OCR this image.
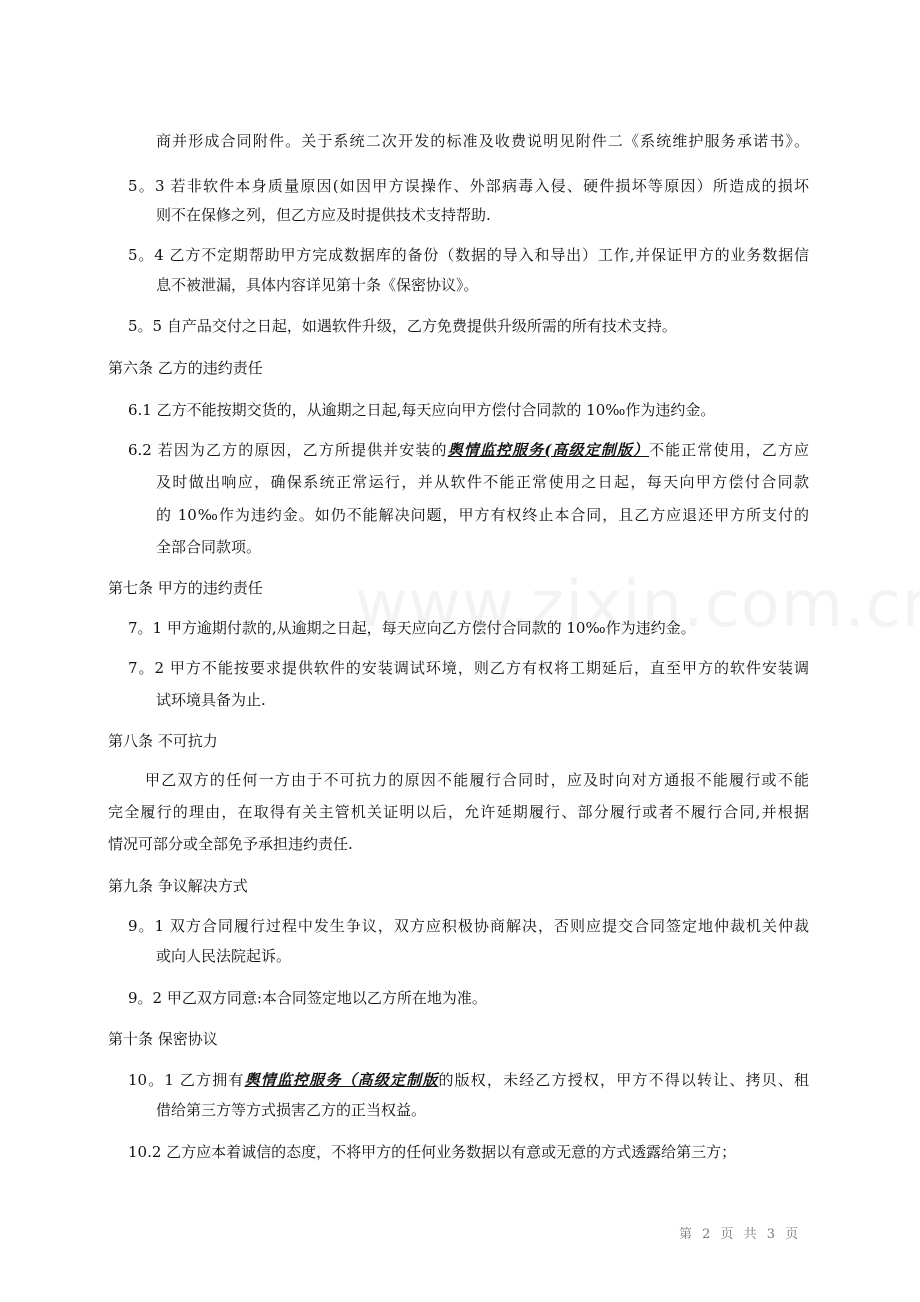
商并形成合同附件。关于系统二次开发的标准及收费说明见附件二《系统维护服务承诺书》。
5。3 若非软件本身质量原因(如因甲方误操作、外部病毒入侵、硬件损坏等原因）所造成的损坏
则不在保修之列，但乙方应及时提供技术支持帮助.
5。4 乙方不定期帮助甲方完成数据库的备份（数据的导入和导出）工作,并保证甲方的业务数据信
息不被泄漏，具体内容详见第十条《保密协议》。
5。5 自产品交付之日起，如遇软件升级，乙方免费提供升级所需的所有技术支持。
第六条 乙方的违约责任
6.1 乙方不能按期交货的，从逾期之日起,每天应向甲方偿付合同款的 10‰作为违约金。
6.2 若因为乙方的原因，乙方所提供并安装的舆情监控服务(高级定制版）不能正常使用，乙方应
及时做出响应，确保系统正常运行，并从软件不能正常使用之日起，每天向甲方偿付合同款
的 10‰作为违约金。如仍不能解决问题，甲方有权终止本合同，且乙方应退还甲方所支付的
全部合同款项。
第七条 甲方的违约责任
7。1 甲方逾期付款的,从逾期之日起，每天应向乙方偿付合同款的 10‰作为违约金。
7。2 甲方不能按要求提供软件的安装调试环境，则乙方有权将工期延后，直至甲方的软件安装调
试环境具备为止.
第八条 不可抗力
甲乙双方的任何一方由于不可抗力的原因不能履行合同时，应及时向对方通报不能履行或不能
完全履行的理由，在取得有关主管机关证明以后，允许延期履行、部分履行或者不履行合同,并根据
情况可部分或全部免予承担违约责任.
第九条 争议解决方式
9。1 双方合同履行过程中发生争议，双方应积极协商解决，否则应提交合同签定地仲裁机关仲裁
或向人民法院起诉。
9。2 甲乙双方同意:本合同签定地以乙方所在地为准。
第十条 保密协议
10。1 乙方拥有舆情监控服务（高级定制版的版权，未经乙方授权，甲方不得以转让、拷贝、租
借给第三方等方式损害乙方的正当权益。
10.2 乙方应本着诚信的态度，不将甲方的任何业务数据以有意或无意的方式透露给第三方；
第 2 页 共 3 页
